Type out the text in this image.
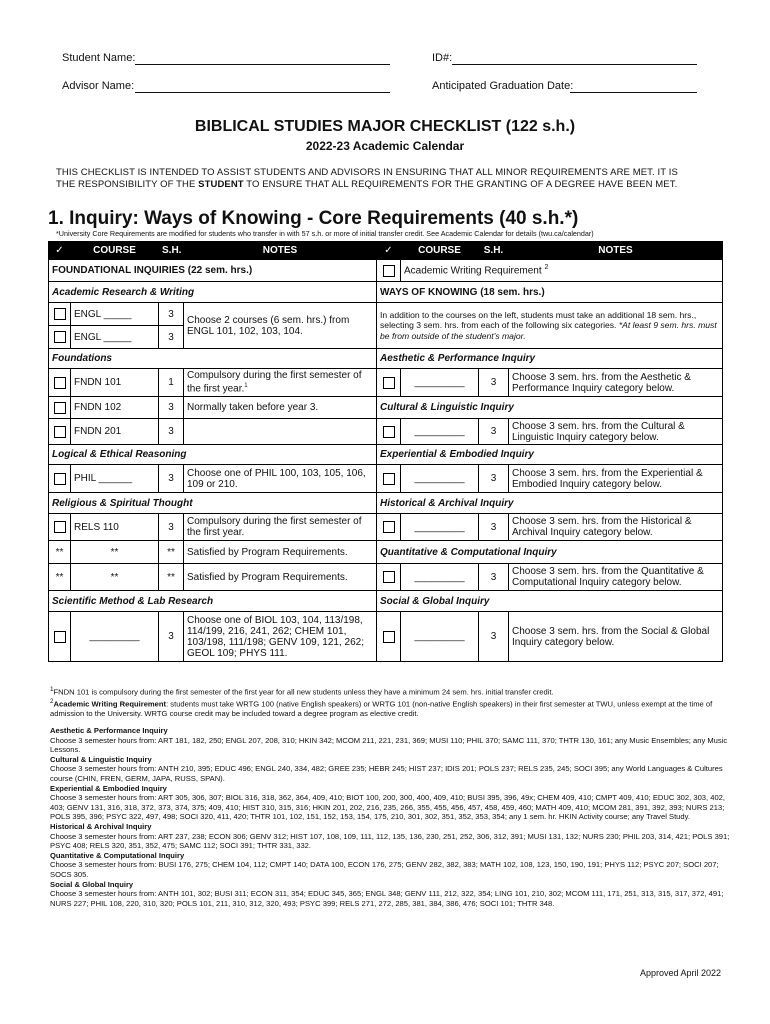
Student Name:	ID#:
Advisor Name:	Anticipated Graduation Date:
BIBLICAL STUDIES MAJOR CHECKLIST (122 s.h.)
2022-23 Academic Calendar
THIS CHECKLIST IS INTENDED TO ASSIST STUDENTS AND ADVISORS IN ENSURING THAT ALL MINOR REQUIREMENTS ARE MET. IT IS
THE RESPONSIBILITY OF THE STUDENT TO ENSURE THAT ALL REQUIREMENTS FOR THE GRANTING OF A DEGREE HAVE BEEN MET.
1. Inquiry: Ways of Knowing - Core Requirements (40 s.h.*)
*University Core Requirements are modified for students who transfer in with 57 s.h. or more of initial transfer credit. See Academic Calendar for details (twu.ca/calendar)
✓	COURSE	S.H.	NOTES	✓	COURSE	S.H.	NOTES
FOUNDATIONAL INQUIRIES (22 sem. hrs.)					Academic Writing Requirement $^2$
Academic Research & Writing				WAYS OF KNOWING (18 sem. hrs.)			
	ENGL _____	3	Choose 2 courses (6 sem. hrs.) from ENGL 101, 102, 103, 104.	In addition to the courses on the left, students must take an additional 18 sem. hrs., selecting 3 sem. hrs. from each of the following six categories. *At least 9 sem. hrs. must be from outside of the student's major.			
	ENGL _____	3					
Foundations				Aesthetic & Performance Inquiry			
	FNDN 101	1	Compulsory during the first semester of the first year.$^1$		_________	3	Choose 3 sem. hrs. from the Aesthetic & Performance Inquiry category below.
	FNDN 102	3	Normally taken before year 3.	Cultural & Linguistic Inquiry			
	FNDN 201	3			_________	3	Choose 3 sem. hrs. from the Cultural & Linguistic Inquiry category below.
Logical & Ethical Reasoning				Experiential & Embodied Inquiry			
	PHIL ______	3	Choose one of PHIL 100, 103, 105, 106, 109 or 210.		_________	3	Choose 3 sem. hrs. from the Experiential & Embodied Inquiry category below.
Religious & Spiritual Thought				Historical & Archival Inquiry			
	RELS 110	3	Compulsory during the first semester of the first year.		_________	3	Choose 3 sem. hrs. from the Historical & Archival Inquiry category below.
**	**	**	Satisfied by Program Requirements.	Quantitative & Computational Inquiry			
**	**	**	Satisfied by Program Requirements.		_________	3	Choose 3 sem. hrs. from the Quantitative & Computational Inquiry category below.
Scientific Method & Lab Research				Social & Global Inquiry			
	_________	3	Choose one of BIOL 103, 104, 113/198, 114/199, 216, 241, 262; CHEM 101, 103/198, 111/198; GENV 109, 121, 262; GEOL 109; PHYS 111.		_________	3	Choose 3 sem. hrs. from the Social & Global Inquiry category below.
$^1$FNDN 101 is compulsory during the first semester of the first year for all new students unless they have a minimum 24 sem. hrs. initial transfer credit.
$^2$Academic Writing Requirement: students must take WRTG 100 (native English speakers) or WRTG 101 (non-native English speakers) in their first semester at TWU, unless exempt at the time of admission to the University. WRTG course credit may be included toward a degree program as elective credit.
Aesthetic & Performance Inquiry
Choose 3 semester hours from: ART 181, 182, 250; ENGL 207, 208, 310; HKIN 342; MCOM 211, 221, 231, 369; MUSI 110; PHIL 370; SAMC 111, 370; THTR 130, 161; any Music Ensembles; any Music Lessons.
Cultural & Linguistic Inquiry
Choose 3 semester hours from: ANTH 210, 395; EDUC 496; ENGL 240, 334, 482; GREE 235; HEBR 245; HIST 237; IDIS 201; POLS 237; RELS 235, 245; SOCI 395; any World Languages & Cultures course (CHIN, FREN, GERM, JAPA, RUSS, SPAN).
Experiential & Embodied Inquiry
Choose 3 semester hours from: ART 305, 306, 307; BIOL 316, 318, 362, 364, 409, 410; BIOT 100, 200, 300, 400, 409, 410; BUSI 395, 396, 49x; CHEM 409, 410; CMPT 409, 410; EDUC 302, 303, 402, 403; GENV 131, 316, 318, 372, 373, 374, 375; 409, 410; HIST 310, 315, 316; HKIN 201, 202, 216, 235, 266, 355, 455, 456, 457, 458, 459, 460; MATH 409, 410; MCOM 281, 391, 392, 393; NURS 213; POLS 395, 396; PSYC 322, 497, 498; SOCI 320, 411, 420; THTR 101, 102, 151, 152, 153, 154, 175, 210, 301, 302, 351, 352, 353, 354; any 1 sem. hr. HKIN Activity course; any Travel Study.
Historical & Archival Inquiry
Choose 3 semester hours from: ART 237, 238; ECON 306; GENV 312; HIST 107, 108, 109, 111, 112, 135, 136, 230, 251, 252, 306, 312, 391; MUSI 131, 132; NURS 230; PHIL 203, 314, 421; POLS 391; PSYC 408; RELS 320, 351, 352, 475; SAMC 112; SOCI 391; THTR 331, 332.
Quantitative & Computational Inquiry
Choose 3 semester hours from: BUSI 176, 275; CHEM 104, 112; CMPT 140; DATA 100, ECON 176, 275; GENV 282, 382, 383; MATH 102, 108, 123, 150, 190, 191; PHYS 112; PSYC 207; SOCI 207; SOCS 305.
Social & Global Inquiry
Choose 3 semester hours from: ANTH 101, 302; BUSI 311; ECON 311, 354; EDUC 345, 365; ENGL 348; GENV 111, 212, 322, 354; LING 101, 210, 302; MCOM 111, 171, 251, 313, 315, 317, 372, 491; NURS 227; PHIL 108, 220, 310, 320; POLS 101, 211, 310, 312, 320, 493; PSYC 399; RELS 271, 272, 285, 381, 384, 386, 476; SOCI 101; THTR 348.
Approved April 2022
